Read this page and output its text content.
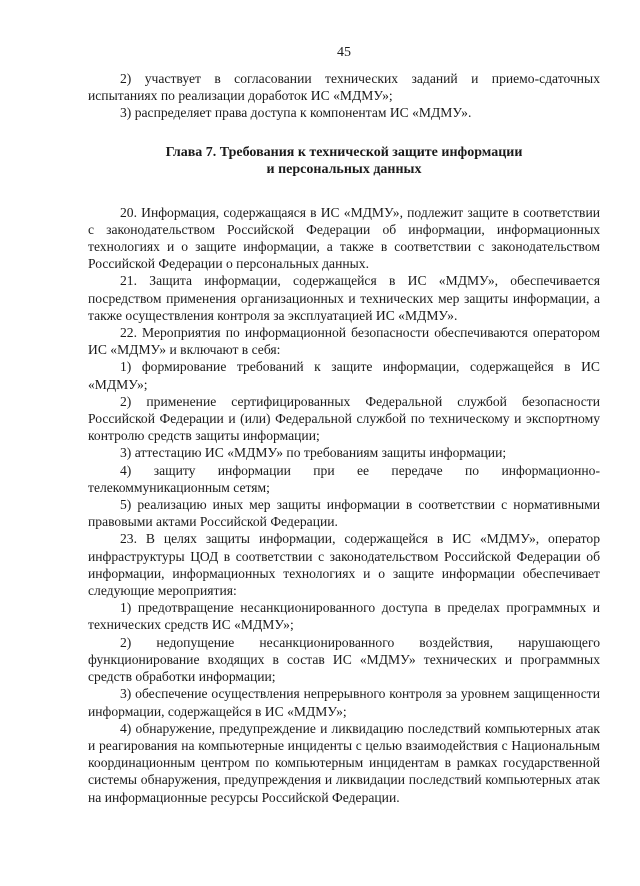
45

2) участвует в согласовании технических заданий и приемо-сдаточных испытаниях по реализации доработок ИС «МДМУ»;

3) распределяет права доступа к компонентам ИС «МДМУ».

Глава 7. Требования к технической защите информации
и персональных данных

20. Информация, содержащаяся в ИС «МДМУ», подлежит защите в соответствии с законодательством Российской Федерации об информации, информационных технологиях и о защите информации, а также в соответствии с законодательством Российской Федерации о персональных данных.

21. Защита информации, содержащейся в ИС «МДМУ», обеспечивается посредством применения организационных и технических мер защиты информации, а также осуществления контроля за эксплуатацией ИС «МДМУ».

22. Мероприятия по информационной безопасности обеспечиваются оператором ИС «МДМУ» и включают в себя:

1) формирование требований к защите информации, содержащейся в ИС «МДМУ»;

2) применение сертифицированных Федеральной службой безопасности Российской Федерации и (или) Федеральной службой по техническому и экспортному контролю средств защиты информации;

3) аттестацию ИС «МДМУ» по требованиям защиты информации;

4) защиту информации при ее передаче по информационно-телекоммуникационным сетям;

5) реализацию иных мер защиты информации в соответствии с нормативными правовыми актами Российской Федерации.

23. В целях защиты информации, содержащейся в ИС «МДМУ», оператор инфраструктуры ЦОД в соответствии с законодательством Российской Федерации об информации, информационных технологиях и о защите информации обеспечивает следующие мероприятия:

1) предотвращение несанкционированного доступа в пределах программных и технических средств ИС «МДМУ»;

2) недопущение несанкционированного воздействия, нарушающего функционирование входящих в состав ИС «МДМУ» технических и программных средств обработки информации;

3) обеспечение осуществления непрерывного контроля за уровнем защищенности информации, содержащейся в ИС «МДМУ»;

4) обнаружение, предупреждение и ликвидацию последствий компьютерных атак и реагирования на компьютерные инциденты с целью взаимодействия с Национальным координационным центром по компьютерным инцидентам в рамках государственной системы обнаружения, предупреждения и ликвидации последствий компьютерных атак на информационные ресурсы Российской Федерации.
